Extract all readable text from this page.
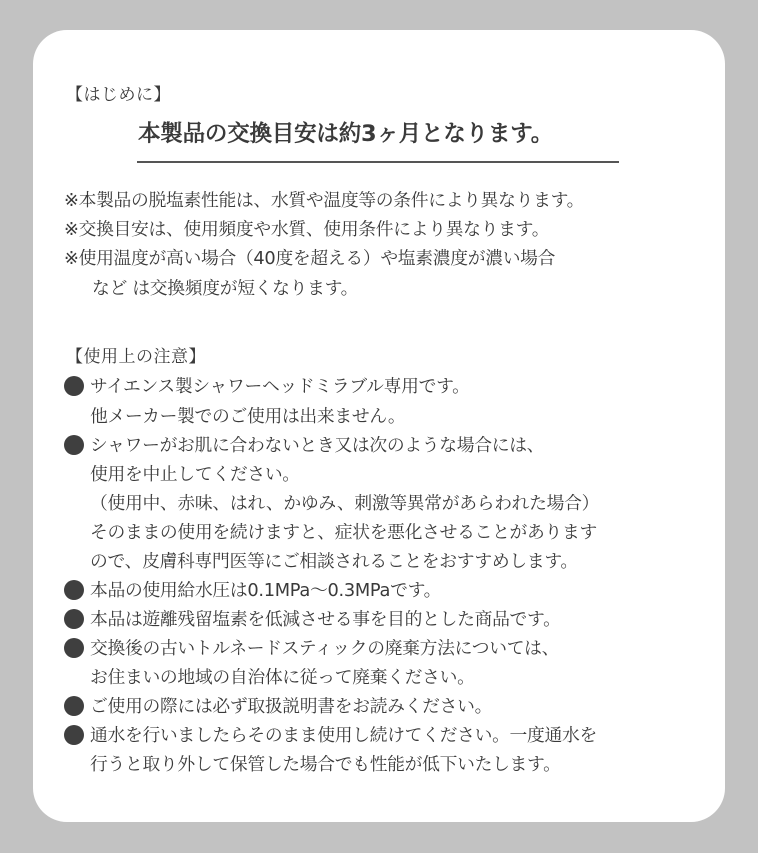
【はじめに】
本製品の交換目安は約3ヶ月となります。
※本製品の脱塩素性能は、水質や温度等の条件により異なります。
※交換目安は、使用頻度や水質、使用条件により異なります。
※使用温度が高い場合（40度を超える）や塩素濃度が濃い場合
など は交換頻度が短くなります。
【使用上の注意】
サイエンス製シャワーヘッドミラブル専用です。
他メーカー製でのご使用は出来ません。
シャワーがお肌に合わないとき又は次のような場合には、
使用を中止してください。
（使用中、赤味、はれ、かゆみ、刺激等異常があらわれた場合）
そのままの使用を続けますと、症状を悪化させることがあります
ので、皮膚科専門医等にご相談されることをおすすめします。
本品の使用給水圧は0.1MPa〜0.3MPaです。
本品は遊離残留塩素を低減させる事を目的とした商品です。
交換後の古いトルネードスティックの廃棄方法については、
お住まいの地域の自治体に従って廃棄ください。
ご使用の際には必ず取扱説明書をお読みください。
通水を行いましたらそのまま使用し続けてください。一度通水を
行うと取り外して保管した場合でも性能が低下いたします。
